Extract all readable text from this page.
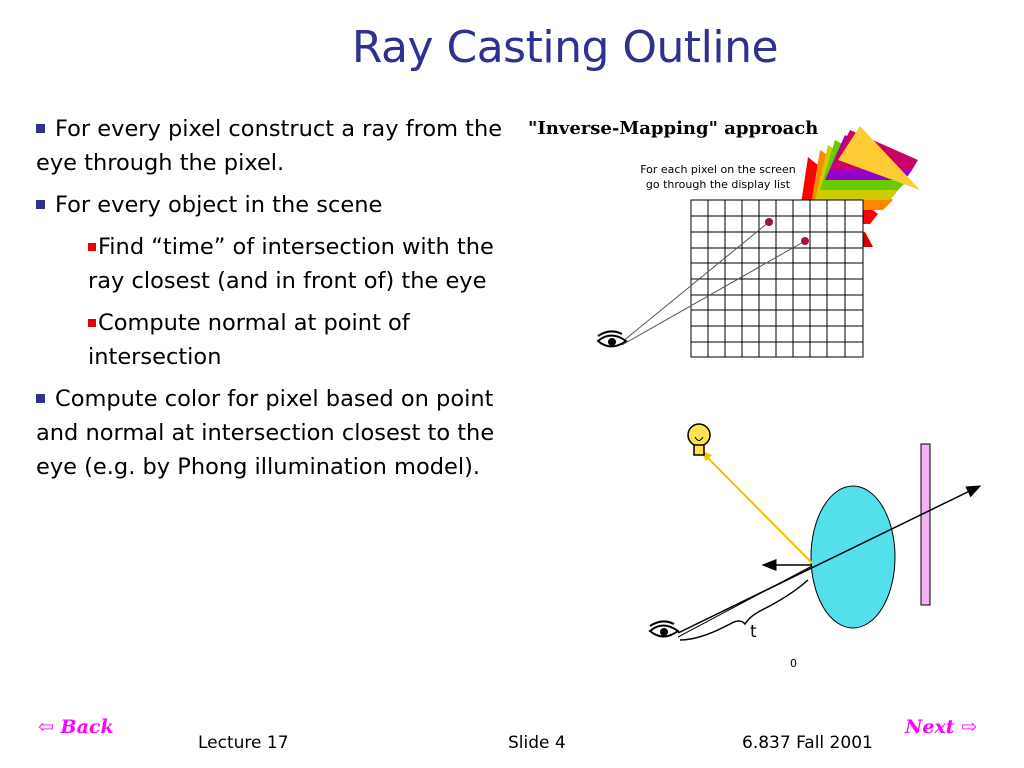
Ray Casting Outline
For every pixel construct a ray from the eye through the pixel.
For every object in the scene
Find “time” of intersection with the ray closest (and in front of) the eye
Compute normal at point of intersection
Compute color for pixel based on point and normal at intersection closest to the eye (e.g. by Phong illumination model).
"Inverse-Mapping" approach
For each pixel on the screen
go through the display list
t
0
⇦ Back
Lecture 17	Slide 4	6.837 Fall 2001
Next ⇨
